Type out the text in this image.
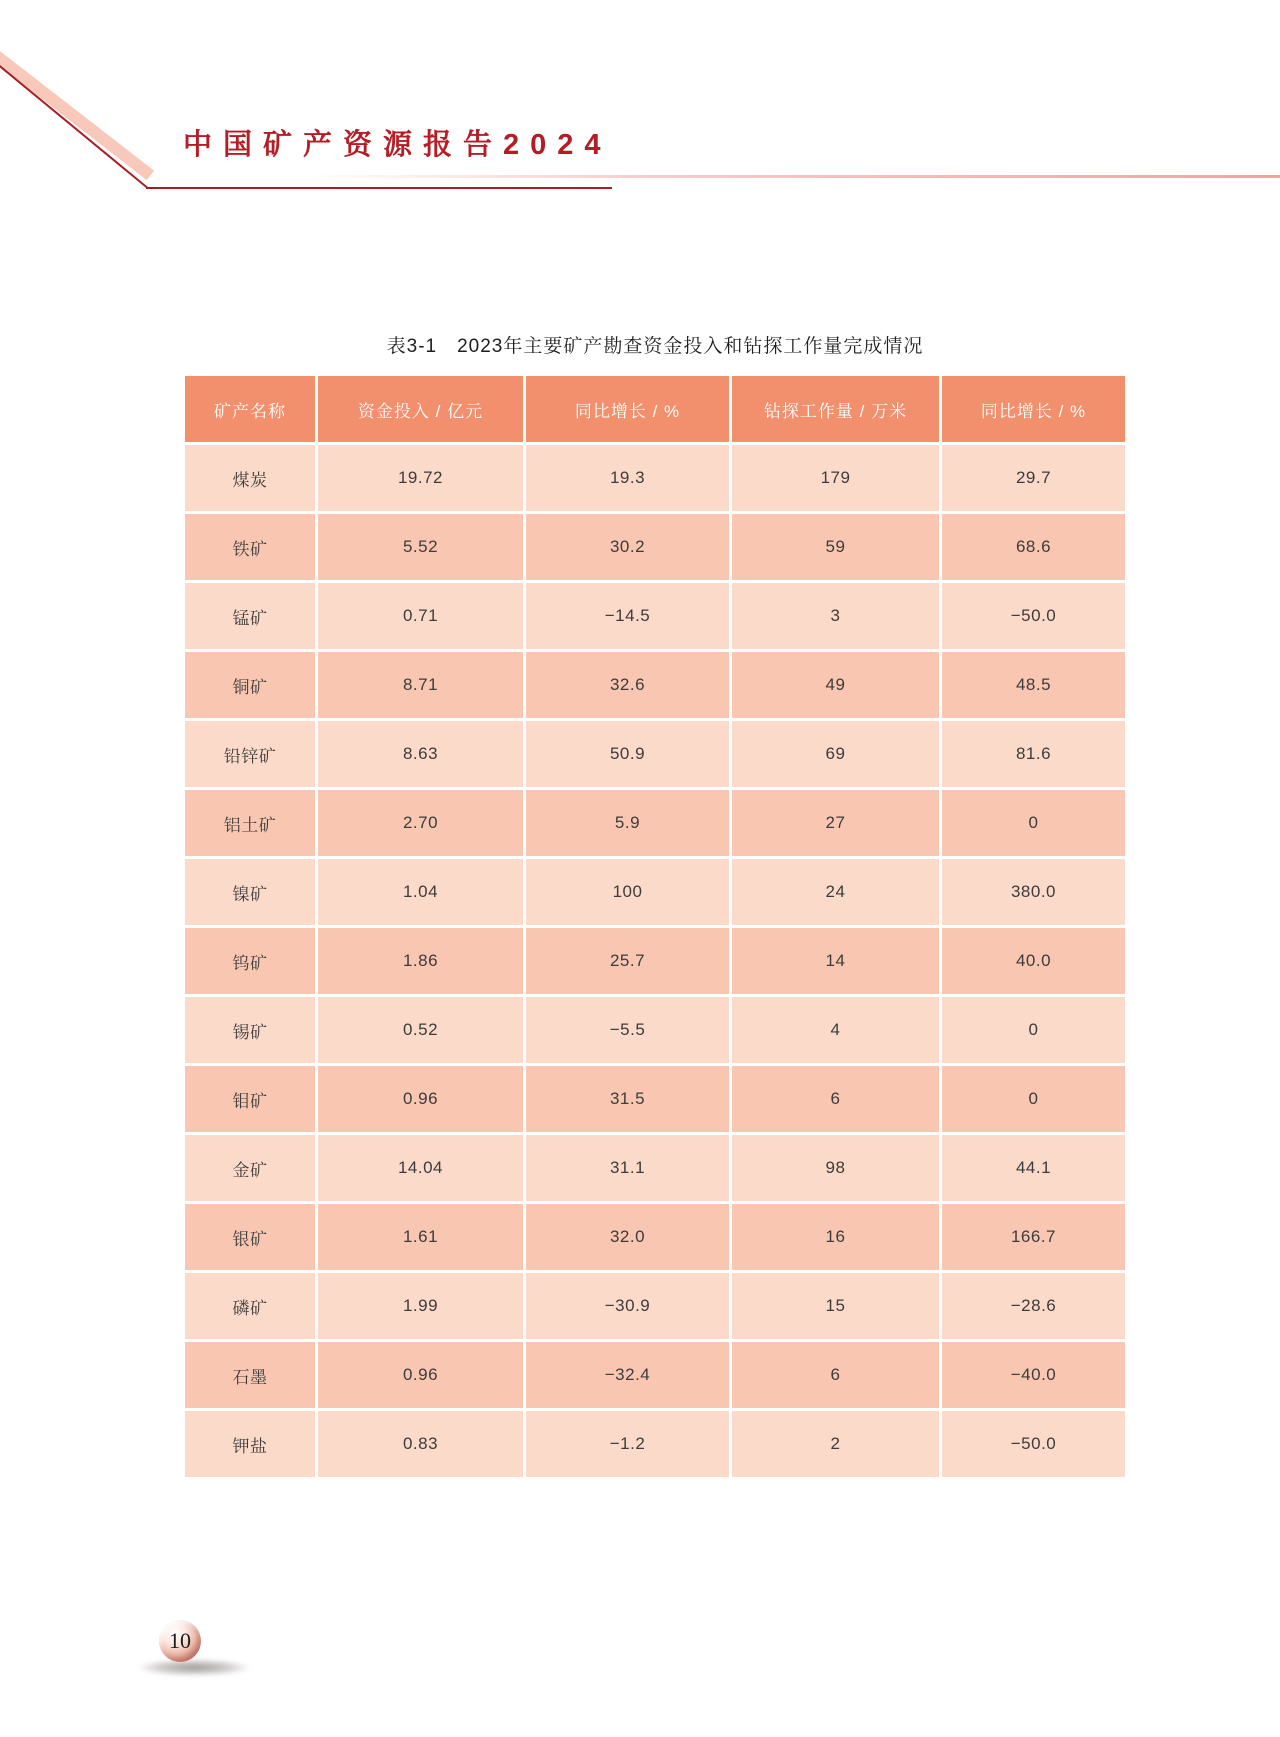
中国矿产资源报告2024
表3-1　2023年主要矿产勘查资金投入和钻探工作量完成情况
矿产名称	资金投入 / 亿元	同比增长 / %	钻探工作量 / 万米	同比增长 / %
煤炭	19.72	19.3	179	29.7
铁矿	5.52	30.2	59	68.6
锰矿	0.71	−14.5	3	−50.0
铜矿	8.71	32.6	49	48.5
铅锌矿	8.63	50.9	69	81.6
铝土矿	2.70	5.9	27	0
镍矿	1.04	100	24	380.0
钨矿	1.86	25.7	14	40.0
锡矿	0.52	−5.5	4	0
钼矿	0.96	31.5	6	0
金矿	14.04	31.1	98	44.1
银矿	1.61	32.0	16	166.7
磷矿	1.99	−30.9	15	−28.6
石墨	0.96	−32.4	6	−40.0
钾盐	0.83	−1.2	2	−50.0
10
